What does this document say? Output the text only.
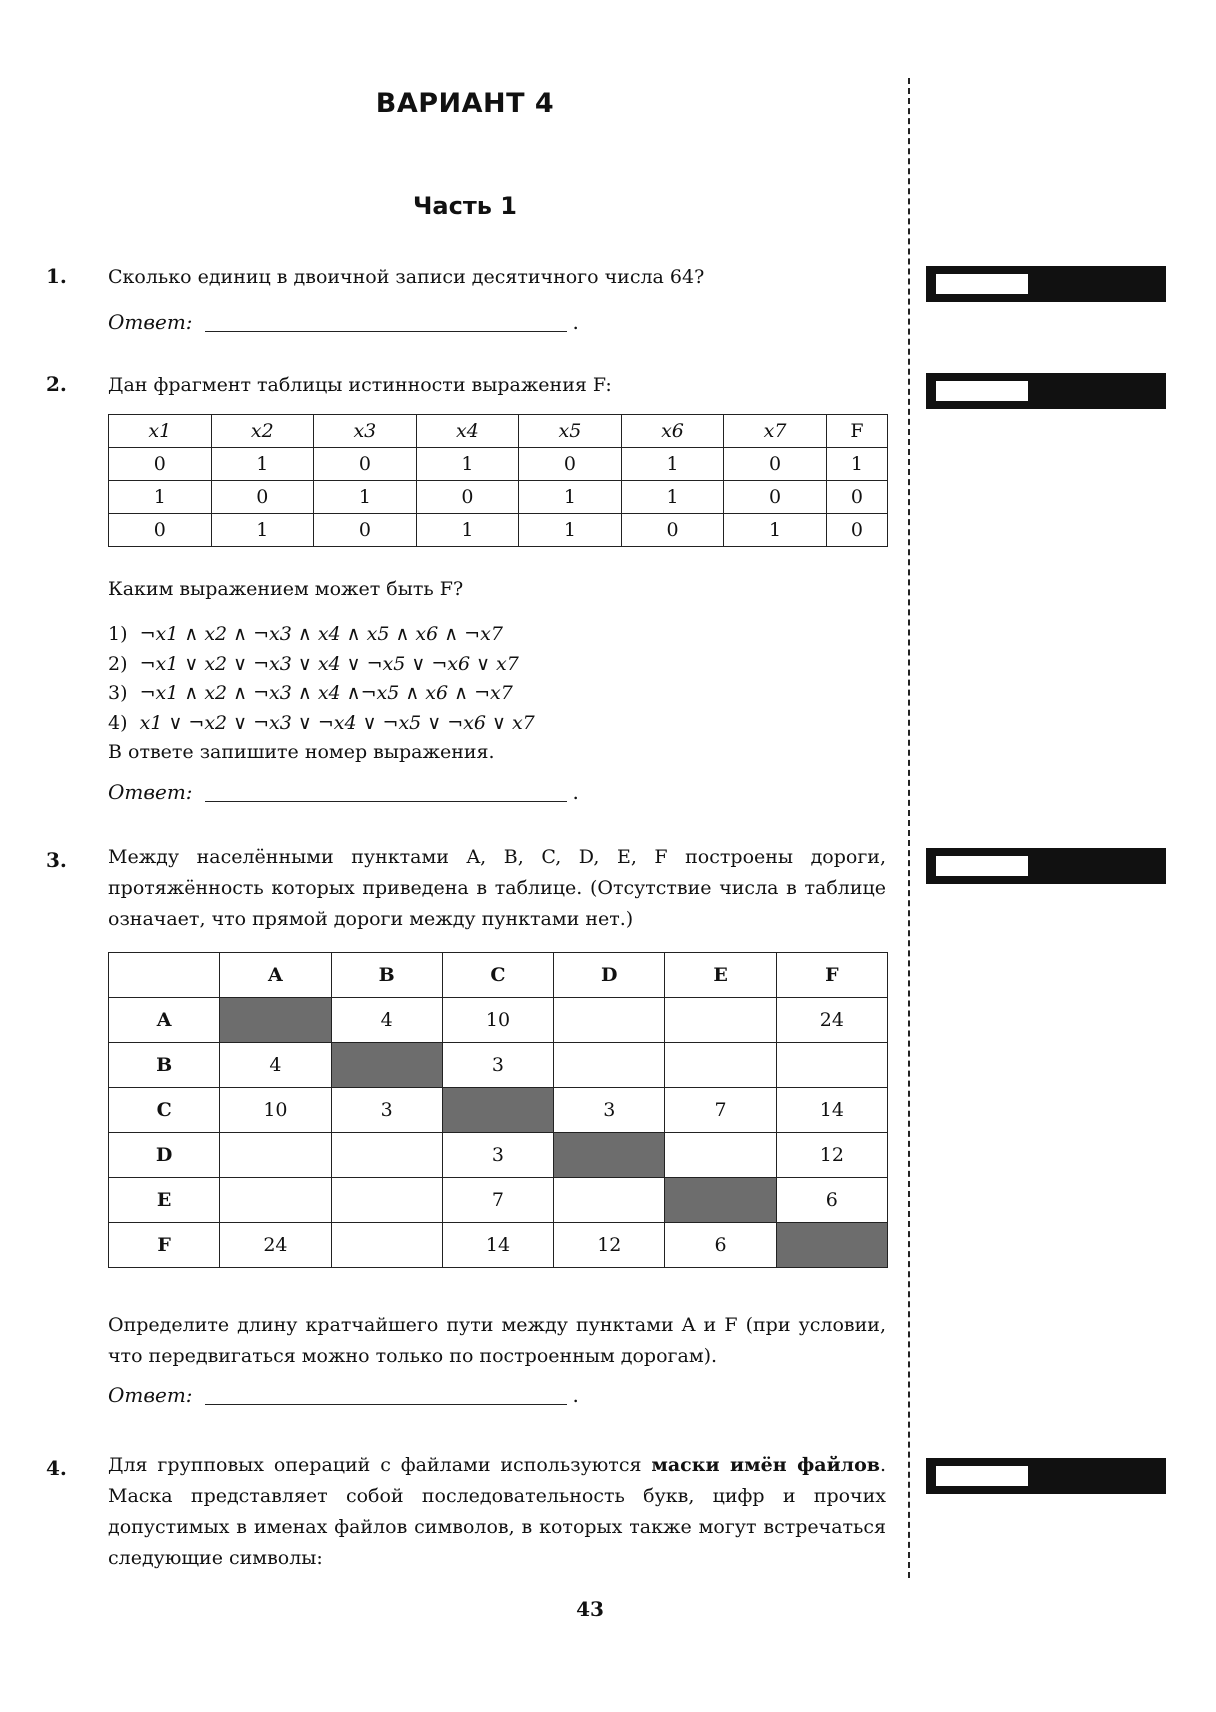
ВАРИАНТ 4
Часть 1
1. Сколько единиц в двоичной записи десятичного числа 64?
Ответ:	.
2. Дан фрагмент таблицы истинности выражения F:
x1	x2	x3	x4	x5	x6	x7	F
0	1	0	1	0	1	0	1
1	0	1	0	1	1	0	0
0	1	0	1	1	0	1	0
Каким выражением может быть F?
1) ¬x1 ∧ x2 ∧ ¬x3 ∧ x4 ∧ x5 ∧ x6 ∧ ¬x7
2) ¬x1 ∨ x2 ∨ ¬x3 ∨ x4 ∨ ¬x5 ∨ ¬x6 ∨ x7
3) ¬x1 ∧ x2 ∧ ¬x3 ∧ x4 ∧¬x5 ∧ x6 ∧ ¬x7
4) x1 ∨ ¬x2 ∨ ¬x3 ∨ ¬x4 ∨ ¬x5 ∨ ¬x6 ∨ x7
В ответе запишите номер выражения.
Ответ:	.
3. Между населёнными пунктами A, B, C, D, E, F построены дороги, протяжённость которых приведена в таблице. (Отсутствие числа в таблице означает, что прямой дороги между пунктами нет.)
	A	B	C	D	E	F
A		4	10			24
B	4		3			
C	10	3		3	7	14
D			3			12
E			7			6
F	24		14	12	6	
Определите длину кратчайшего пути между пунктами A и F (при условии, что передвигаться можно только по построенным дорогам).
Ответ:	.
4. Для групповых операций с файлами используются маски имён файлов. Маска представляет собой последовательность букв, цифр и прочих допустимых в именах файлов символов, в которых также могут встречаться следующие символы:
43
